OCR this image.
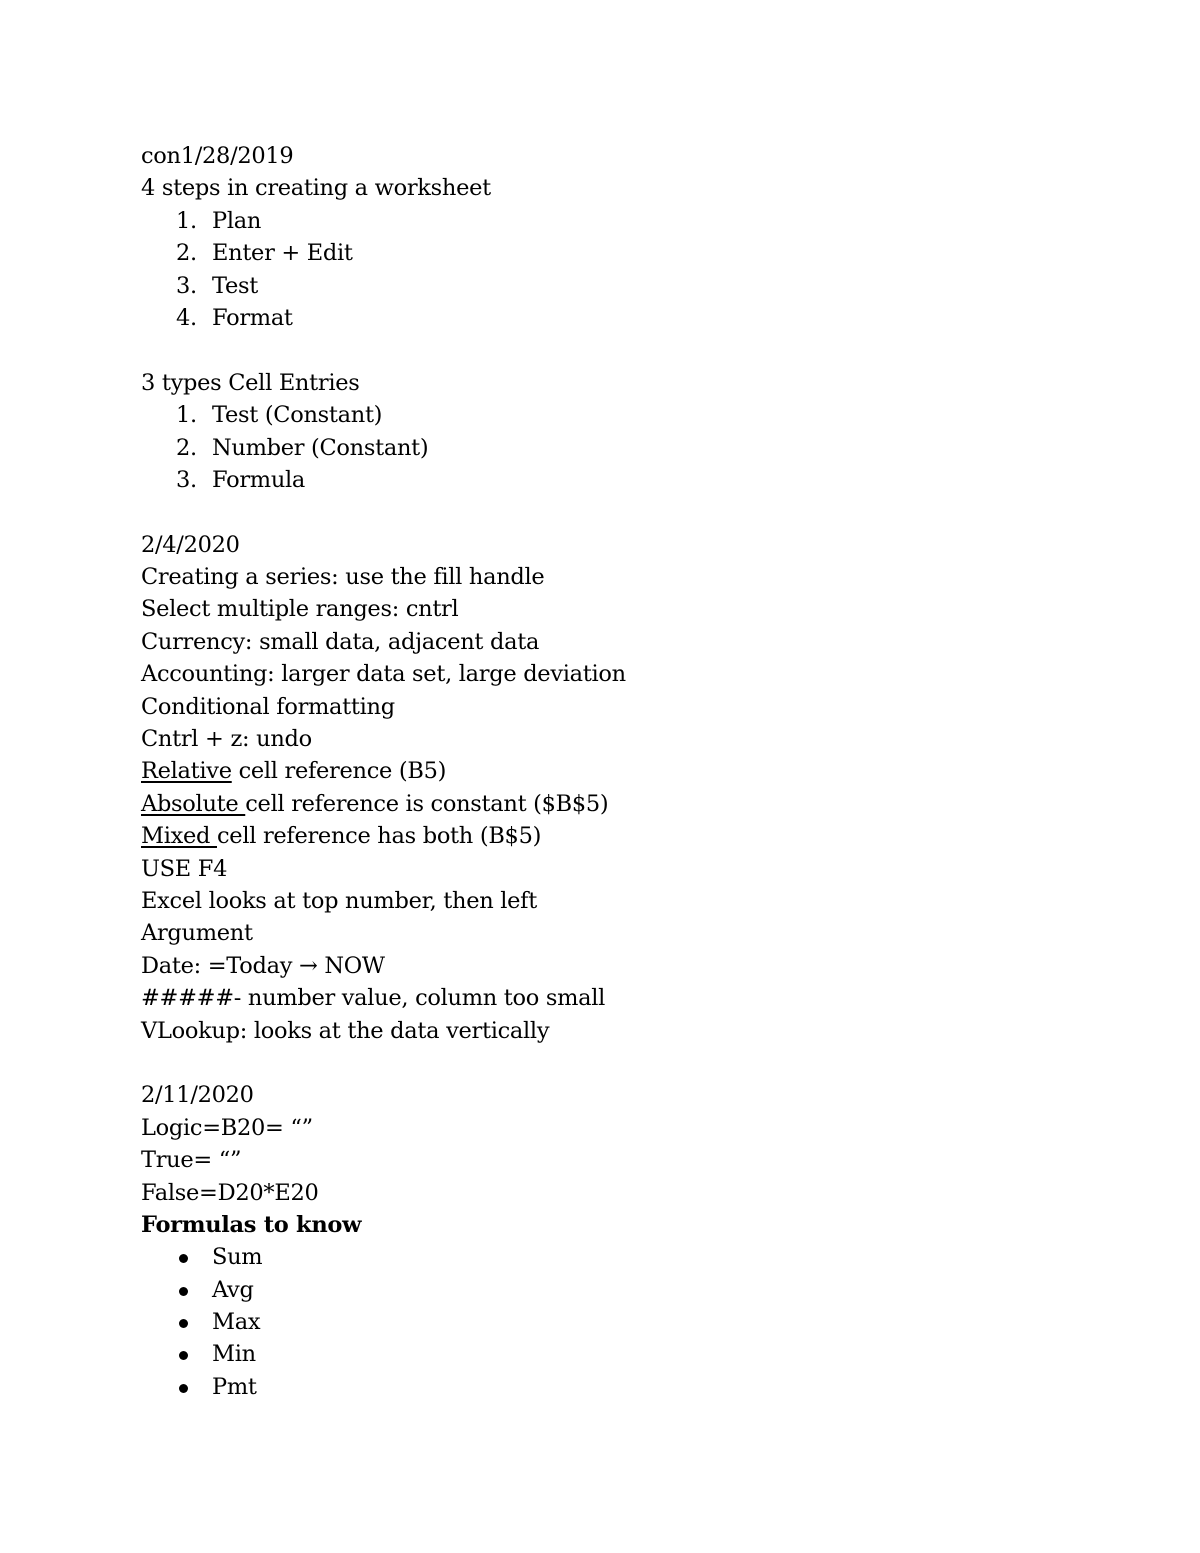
con1/28/2019
4 steps in creating a worksheet
1. Plan
2. Enter + Edit
3. Test
4. Format
3 types Cell Entries
1. Test (Constant)
2. Number (Constant)
3. Formula
2/4/2020
Creating a series: use the fill handle
Select multiple ranges: cntrl
Currency: small data, adjacent data
Accounting: larger data set, large deviation
Conditional formatting
Cntrl + z: undo
Relative cell reference (B5)
Absolute cell reference is constant ($B$5)
Mixed cell reference has both (B$5)
USE F4
Excel looks at top number, then left
Argument
Date: =Today → NOW
#####- number value, column too small
VLookup: looks at the data vertically
2/11/2020
Logic=B20= “”
True= “”
False=D20*E20
Formulas to know
Sum
Avg
Max
Min
Pmt
